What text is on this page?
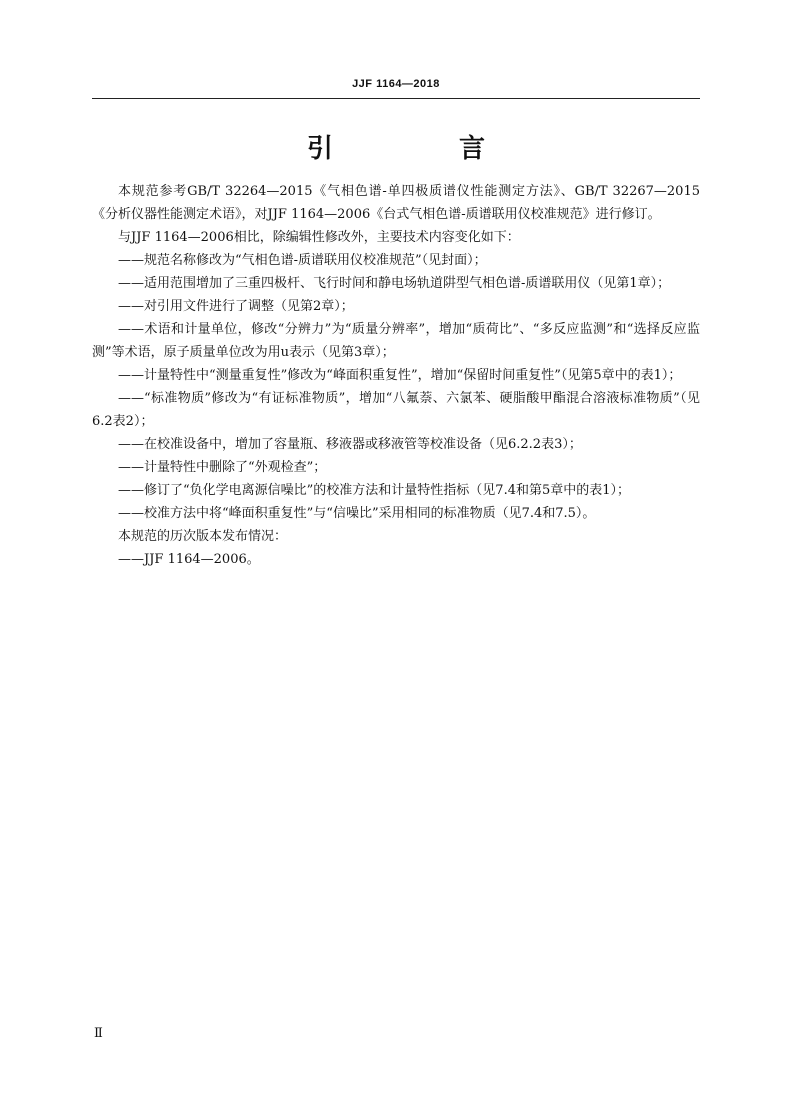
JJF 1164—2018
引　言

本规范参考GB/T 32264—2015《气相色谱-单四极质谱仪性能测定方法》、GB/T 32267—2015《分析仪器性能测定术语》，对JJF 1164—2006《台式气相色谱-质谱联用仪校准规范》进行修订。

与JJF 1164—2006相比，除编辑性修改外，主要技术内容变化如下：

——规范名称修改为“气相色谱-质谱联用仪校准规范”（见封面）；

——适用范围增加了三重四极杆、飞行时间和静电场轨道阱型气相色谱-质谱联用仪（见第1章）；

——对引用文件进行了调整（见第2章）；

——术语和计量单位，修改“分辨力”为“质量分辨率”，增加“质荷比”、“多反应监测”和“选择反应监测”等术语，原子质量单位改为用u表示（见第3章）；

——计量特性中“测量重复性”修改为“峰面积重复性”，增加“保留时间重复性”（见第5章中的表1）；

——“标准物质”修改为“有证标准物质”，增加“八氟萘、六氯苯、硬脂酸甲酯混合溶液标准物质”（见6.2表2）；

——在校准设备中，增加了容量瓶、移液器或移液管等校准设备（见6.2.2表3）；

——计量特性中删除了“外观检查”；

——修订了“负化学电离源信噪比”的校准方法和计量特性指标（见7.4和第5章中的表1）；

——校准方法中将“峰面积重复性”与“信噪比”采用相同的标准物质（见7.4和7.5）。

本规范的历次版本发布情况：

——JJF 1164—2006。

Ⅱ
